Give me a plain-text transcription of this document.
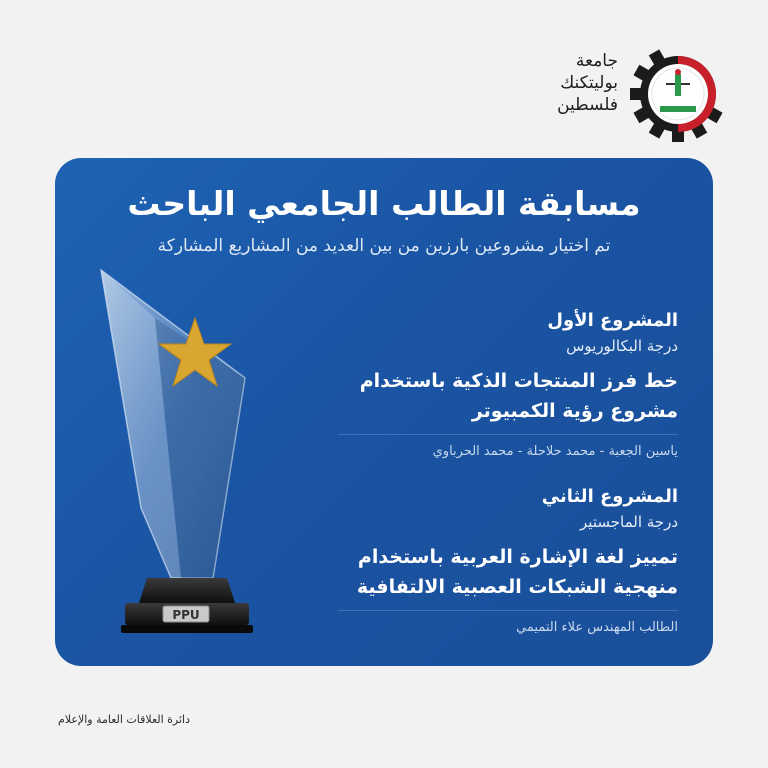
جامعة
بوليتكنك
فلسطين
مسابقة الطالب الجامعي الباحث
تم اختيار مشروعين بارزين من بين العديد من المشاريع المشاركة
PPU
المشروع الأول
درجة البكالوريوس
خط فرز المنتجات الذكية باستخدام مشروع رؤية الكمبيوتر
ياسين الجعبة - محمد حلاحلة - محمد الحرباوي
المشروع الثاني
درجة الماجستير
تمييز لغة الإشارة العربية باستخدام منهجية الشبكات العصبية الالتفافية
الطالب المهندس علاء التميمي
دائرة العلاقات العامة والإعلام
